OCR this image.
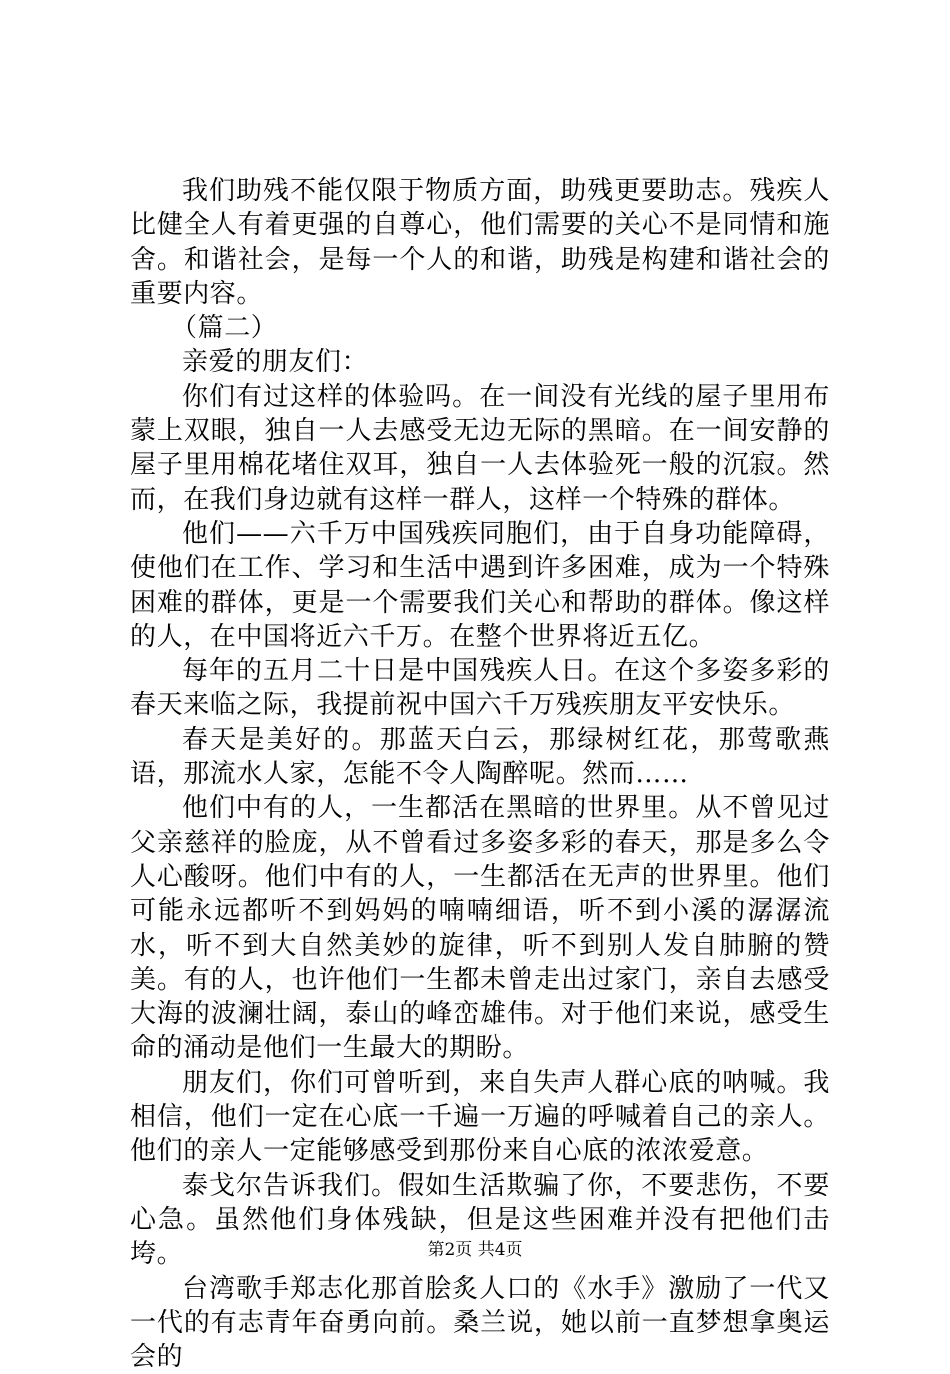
我们助残不能仅限于物质方面，助残更要助志。残疾人比健全人有着更强的自尊心，他们需要的关心不是同情和施舍。和谐社会，是每一个人的和谐，助残是构建和谐社会的重要内容。

（篇二）

亲爱的朋友们：

你们有过这样的体验吗。在一间没有光线的屋子里用布蒙上双眼，独自一人去感受无边无际的黑暗。在一间安静的屋子里用棉花堵住双耳，独自一人去体验死一般的沉寂。然而，在我们身边就有这样一群人，这样一个特殊的群体。

他们——六千万中国残疾同胞们，由于自身功能障碍，使他们在工作、学习和生活中遇到许多困难，成为一个特殊困难的群体，更是一个需要我们关心和帮助的群体。像这样的人，在中国将近六千万。在整个世界将近五亿。

每年的五月二十日是中国残疾人日。在这个多姿多彩的春天来临之际，我提前祝中国六千万残疾朋友平安快乐。

春天是美好的。那蓝天白云，那绿树红花，那莺歌燕语，那流水人家，怎能不令人陶醉呢。然而……

他们中有的人，一生都活在黑暗的世界里。从不曾见过父亲慈祥的脸庞，从不曾看过多姿多彩的春天，那是多么令人心酸呀。他们中有的人，一生都活在无声的世界里。他们可能永远都听不到妈妈的喃喃细语，听不到小溪的潺潺流水，听不到大自然美妙的旋律，听不到别人发自肺腑的赞美。有的人，也许他们一生都未曾走出过家门，亲自去感受大海的波澜壮阔，泰山的峰峦雄伟。对于他们来说，感受生命的涌动是他们一生最大的期盼。

朋友们，你们可曾听到，来自失声人群心底的呐喊。我相信，他们一定在心底一千遍一万遍的呼喊着自己的亲人。他们的亲人一定能够感受到那份来自心底的浓浓爱意。

泰戈尔告诉我们。假如生活欺骗了你，不要悲伤，不要心急。虽然他们身体残缺，但是这些困难并没有把他们击垮。

台湾歌手郑志化那首脍炙人口的《水手》激励了一代又一代的有志青年奋勇向前。桑兰说，她以前一直梦想拿奥运会的

第2页 共4页
